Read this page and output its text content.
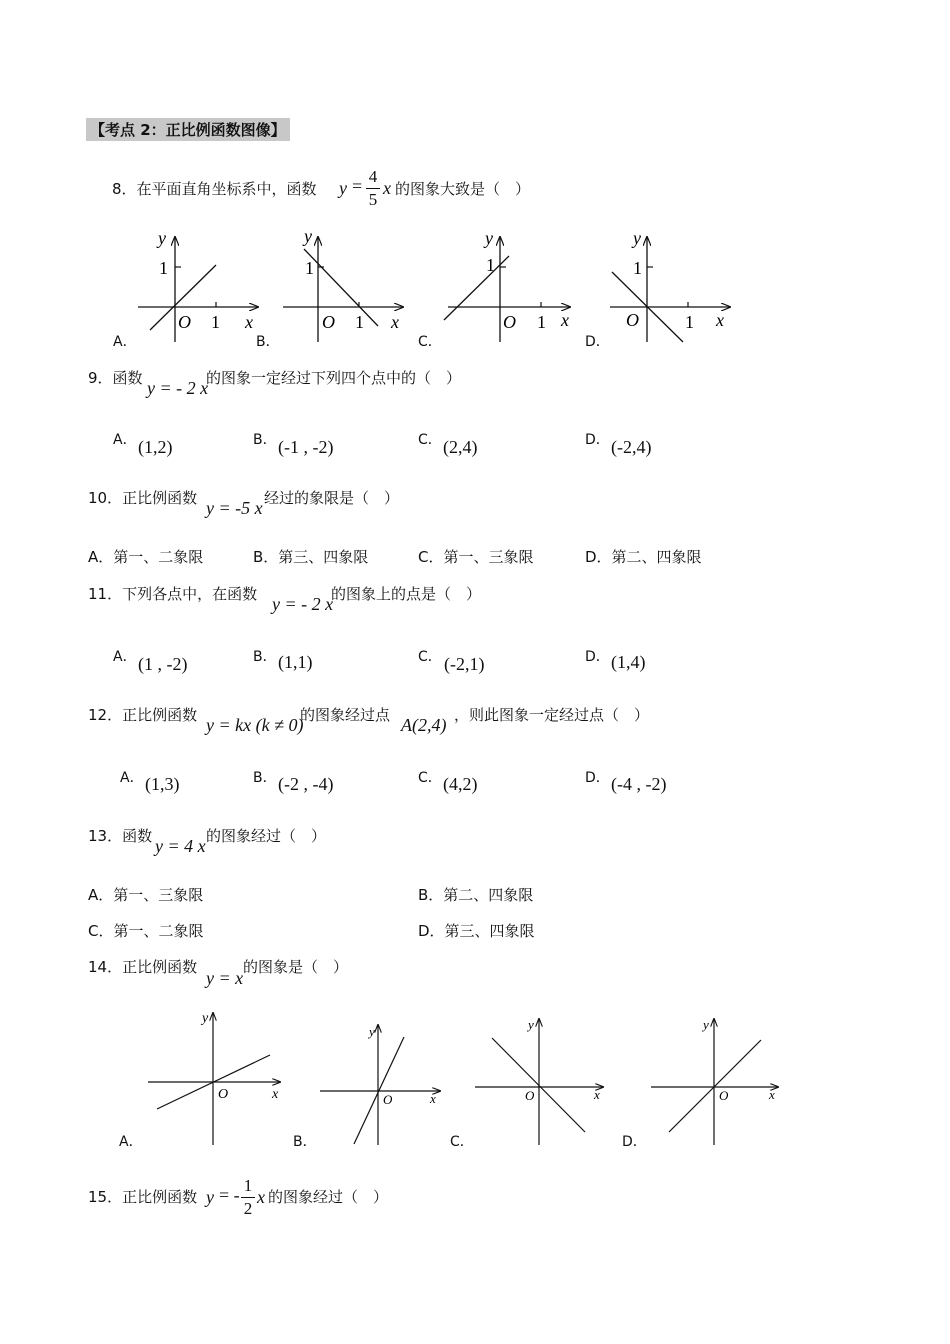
【考点 2：正比例函数图像】
8．在平面直角坐标系中，函数 y = 4
5
x 的图象大致是（　）
y
1
O 1 x
y
1
O 1 x
y
1
O 1 x
y
1
O	1 x
A．	B．	C．	D．
9．函数 y = - 2 x
的图象一定经过下列四个点中的（　）
A． (1,2)	B． (-1 , -2)	C． (2,4)	D． (-2,4)
10．正比例函数 y = -5 x 经过的象限是（　）
A．第一、二象限	B．第三、四象限	C．第一、三象限	D．第二、四象限
11．下列各点中，在函数 y = - 2 x
的图象上的点是（　）
A． (1 , -2)	B． (1,1)	C． (-2,1)	D． (1,4)
12．正比例函数 y = kx (k ≠ 0)
的图象经过点 A(2,4) ，则此图象一定经过点（　）
A． (1,3)	B． (-2 , -4)	C． (4,2)	D． (-4 , -2)
13．函数 y = 4 x 的图象经过（　）
A．第一、三象限	B．第二、四象限
C．第一、二象限	D．第三、四象限
14．正比例函数
y = x
的图象是（　）
y
O	x
y
O	x
y
O	x
y
O	x
A．	B．	C．	D．
15．正比例函数 y = - 1
2
x 的图象经过（　）
